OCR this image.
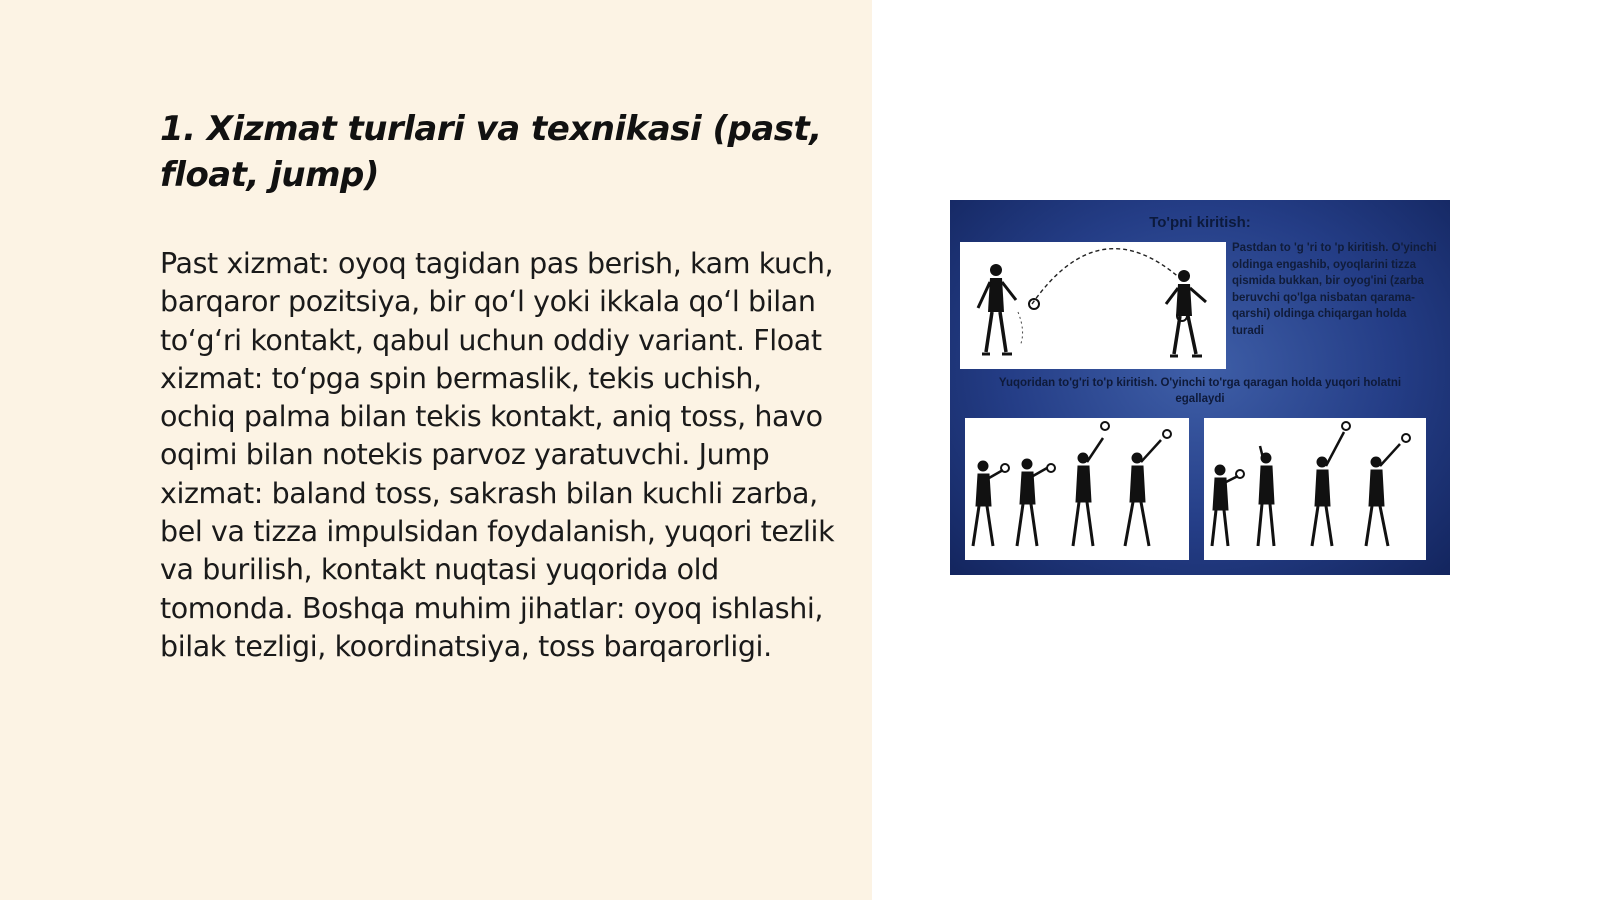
1. Xizmat turlari va texnikasi (past, float, jump)

Past xizmat: oyoq tagidan pas berish, kam kuch, barqaror pozitsiya, bir qo‘l yoki ikkala qo‘l bilan to‘g‘ri kontakt, qabul uchun oddiy variant. Float xizmat: to‘pga spin bermaslik, tekis uchish, ochiq palma bilan tekis kontakt, aniq toss, havo oqimi bilan notekis parvoz yaratuvchi. Jump xizmat: baland toss, sakrash bilan kuchli zarba, bel va tizza impulsidan foydalanish, yuqori tezlik va burilish, kontakt nuqtasi yuqorida old tomonda. Boshqa muhim jihatlar: oyoq ishlashi, bilak tezligi, koordinatsiya, toss barqarorligi.

To'pni kiritish:

Pastdan to 'g 'ri to 'p kiritish. O'yinchi oldinga engashib, oyoqlarini tizza qismida bukkan, bir oyog'ini (zarba beruvchi qo'lga nisbatan qarama-qarshi) oldinga chiqargan holda turadi

Yuqoridan to'g'ri to'p kiritish. O'yinchi to'rga qaragan holda yuqori holatni egallaydi
